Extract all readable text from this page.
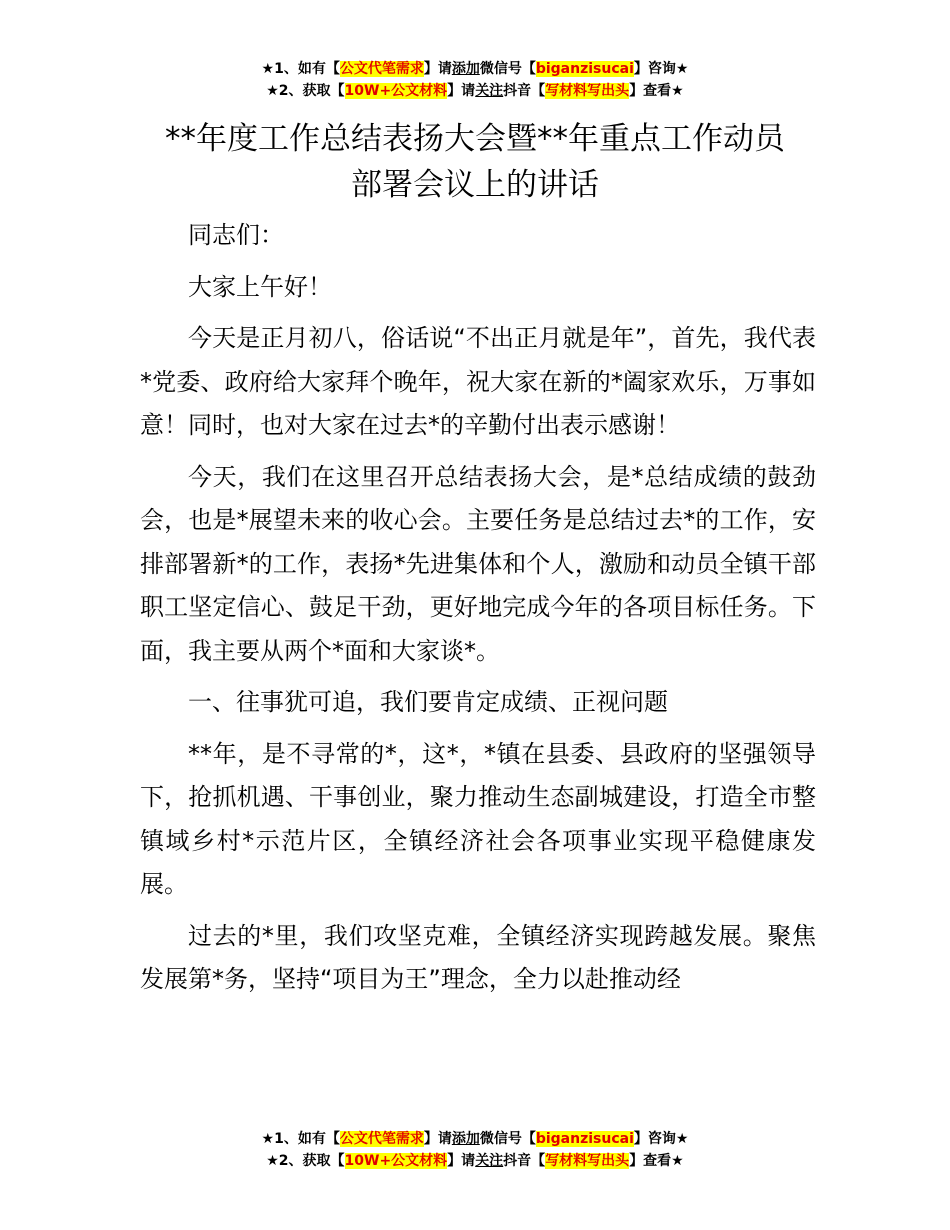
★1、如有【公文代笔需求】请添加微信号【biganzisucai】咨询★
★2、获取【10W+公文材料】请关注抖音【写材料写出头】查看★
**年度工作总结表扬大会暨**年重点工作动员
部署会议上的讲话

同志们：

大家上午好！

今天是正月初八，俗话说“不出正月就是年”，首先，我代表*党委、政府给大家拜个晚年，祝大家在新的*阖家欢乐，万事如意！同时，也对大家在过去*的辛勤付出表示感谢！

今天，我们在这里召开总结表扬大会，是*总结成绩的鼓劲会，也是*展望未来的收心会。主要任务是总结过去*的工作，安排部署新*的工作，表扬*先进集体和个人，激励和动员全镇干部职工坚定信心、鼓足干劲，更好地完成今年的各项目标任务。下面，我主要从两个*面和大家谈*。

一、往事犹可追，我们要肯定成绩、正视问题

**年，是不寻常的*，这*，*镇在县委、县政府的坚强领导下，抢抓机遇、干事创业，聚力推动生态副城建设，打造全市整镇域乡村*示范片区，全镇经济社会各项事业实现平稳健康发展。

过去的*里，我们攻坚克难，全镇经济实现跨越发展。聚焦发展第*务，坚持“项目为王”理念，全力以赴推动经

★1、如有【公文代笔需求】请添加微信号【biganzisucai】咨询★
★2、获取【10W+公文材料】请关注抖音【写材料写出头】查看★
